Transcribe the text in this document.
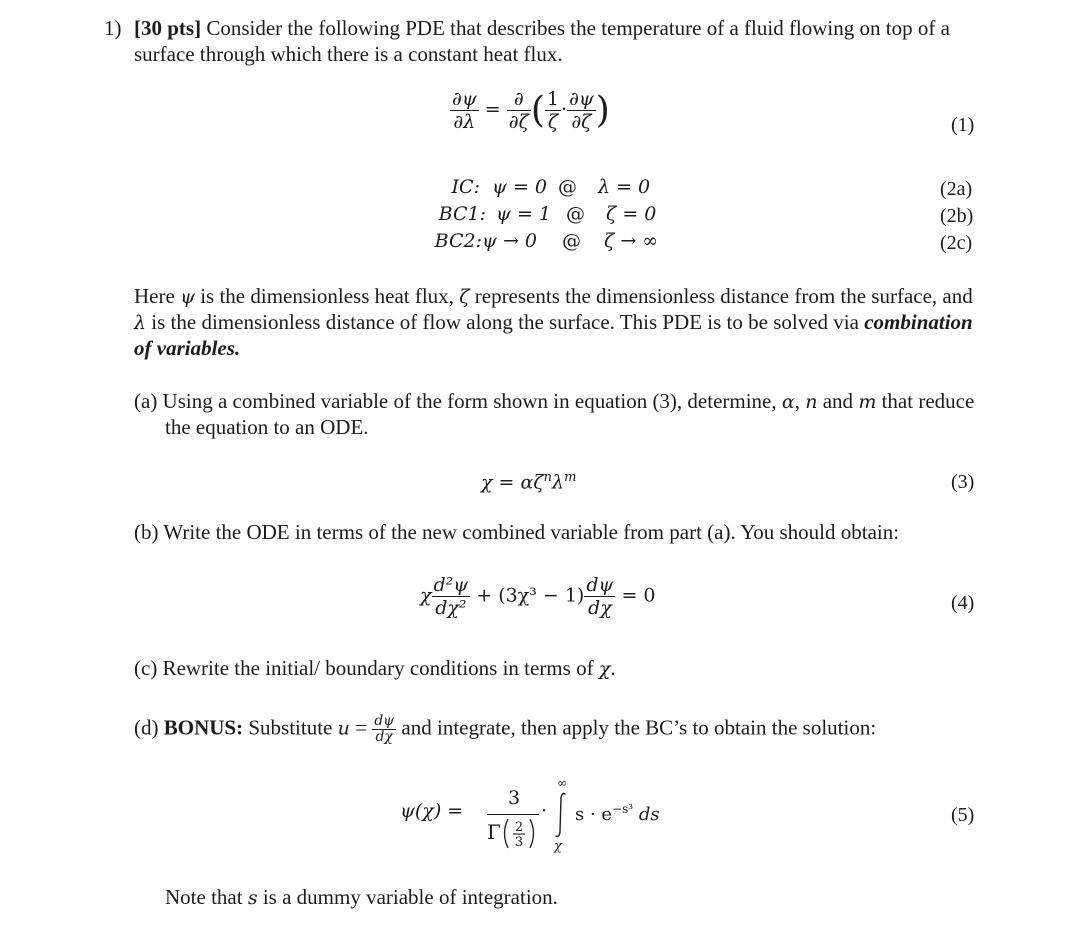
1) [30 pts] Consider the following PDE that describes the temperature of a fluid flowing on top of a
surface through which there is a constant heat flux.
$\frac{\partial\psi}{\partial\lambda} = \frac{\partial}{\partial\zeta}$ ( $\frac{1}{\zeta} \cdot \frac{\partial\psi}{\partial\zeta}$ )	(1)
IC: ψ = 0 @ λ = 0	(2a)
BC1: ψ = 1 @ ζ = 0	(2b)
BC2: ψ → 0 @ ζ → ∞	(2c)
Here ψ is the dimensionless heat flux, ζ represents the dimensionless distance from the surface, and
λ is the dimensionless distance of flow along the surface. This PDE is to be solved via combination
of variables.
(a) Using a combined variable of the form shown in equation (3), determine, α, n and m that reduce
the equation to an ODE.
$\chi = \alpha\zeta^n\lambda^m$	(3)
(b) Write the ODE in terms of the new combined variable from part (a). You should obtain:
χ $\frac{\text{d²ψ}}{\text{dχ²}} + (3\chi^3 - 1) \frac{d\psi}{d\chi} = 0$	(4)
(c) Rewrite the initial/ boundary conditions in terms of χ.
(d) BONUS: Substitute $u = \frac{d\psi}{d\chi}$ and integrate, then apply the BC’s to obtain the solution:
ψ(χ) =
3
Γ 2
3
·
∞
χ
$s \cdot e^{-s^3}$ ds	(5)
Note that s is a dummy variable of integration.
